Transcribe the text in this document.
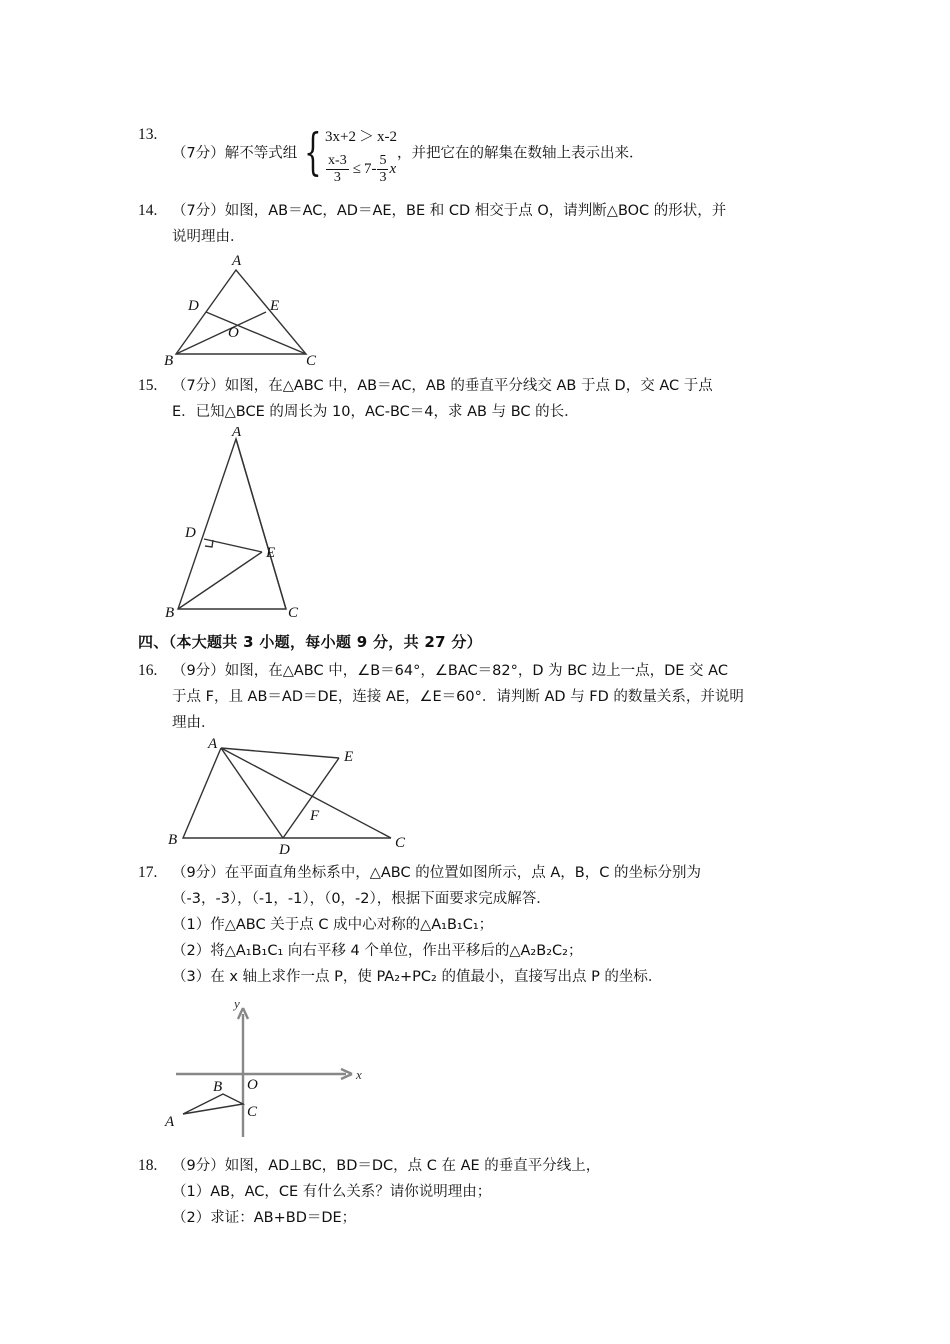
13.
（7分）解不等式组 { 3x+2 ＞ x-2
$\frac{x-3}{3} \le 7- \frac{5}{3}$ x
，并把它在的解集在数轴上表示出来．
14.	（7分）如图，AB＝AC，AD＝AE，BE 和 CD 相交于点 O，请判断△BOC 的形状，并
说明理由．
A
D	E
O
B	C
15.	（7分）如图，在△ABC 中，AB＝AC，AB 的垂直平分线交 AB 于点 D，交 AC 于点
E．已知△BCE 的周长为 10，AC‑BC＝4，求 AB 与 BC 的长．
A
D
E
B	C
四、（本大题共 3 小题，每小题 9 分，共 27 分）
16.	（9分）如图，在△ABC 中，∠B＝64°，∠BAC＝82°，D 为 BC 边上一点，DE 交 AC
于点 F，且 AB＝AD＝DE，连接 AE，∠E＝60°．请判断 AD 与 FD 的数量关系，并说明
理由．
A
E
F
B
D	C
17.	（9分）在平面直角坐标系中，△ABC 的位置如图所示，点 A，B，C 的坐标分别为
（‑3，‑3），（‑1，‑1），（0，‑2），根据下面要求完成解答．
（1）作△ABC 关于点 C 成中心对称的△A₁B₁C₁；
（2）将△A₁B₁C₁ 向右平移 4 个单位，作出平移后的△A₂B₂C₂；
（3）在 x 轴上求作一点 P，使 PA₂+PC₂ 的值最小，直接写出点 P 的坐标．
y
x
O
A
B
C
18.	（9分）如图，AD⊥BC，BD＝DC，点 C 在 AE 的垂直平分线上，
（1）AB，AC，CE 有什么关系？请你说明理由；
（2）求证：AB+BD＝DE；
